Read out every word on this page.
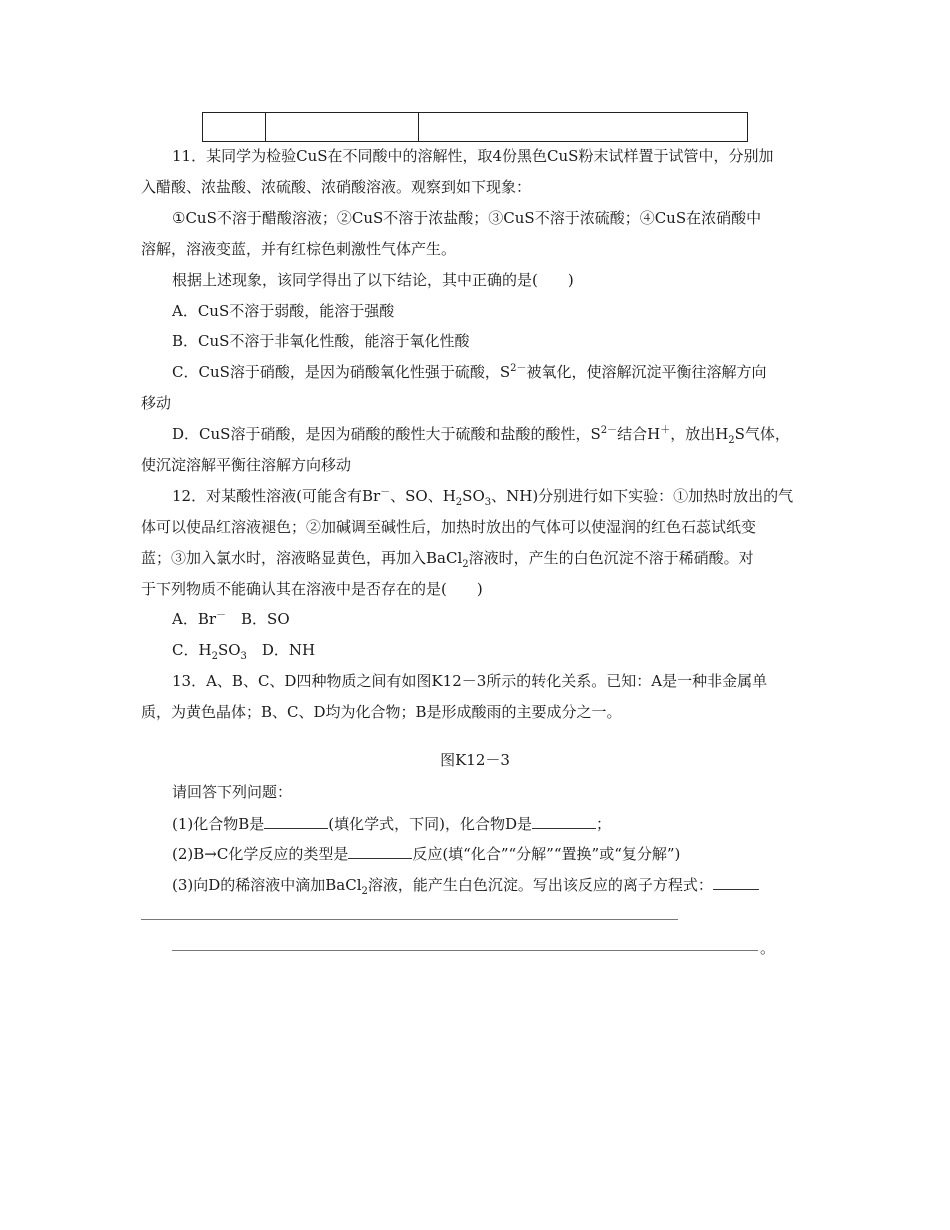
11．某同学为检验CuS在不同酸中的溶解性，取4份黑色CuS粉末试样置于试管中，分别加
入醋酸、浓盐酸、浓硫酸、浓硝酸溶液。观察到如下现象：
①CuS不溶于醋酸溶液；②CuS不溶于浓盐酸；③CuS不溶于浓硫酸；④CuS在浓硝酸中
溶解，溶液变蓝，并有红棕色刺激性气体产生。
根据上述现象，该同学得出了以下结论，其中正确的是(　　)
A．CuS不溶于弱酸，能溶于强酸
B．CuS不溶于非氧化性酸，能溶于氧化性酸
C．CuS溶于硝酸，是因为硝酸氧化性强于硫酸，$S^{2-}$被氧化，使溶解沉淀平衡往溶解方向
移动
D．CuS溶于硝酸，是因为硝酸的酸性大于硫酸和盐酸的酸性，$S^{2-}$结合H＋，放出$H_2S$气体，
使沉淀溶解平衡往溶解方向移动
12．对某酸性溶液(可能含有Br－、SO、$H_2SO_3$、NH)分别进行如下实验：①加热时放出的气
体可以使品红溶液褪色；②加碱调至碱性后，加热时放出的气体可以使湿润的红色石蕊试纸变
蓝；③加入氯水时，溶液略显黄色，再加入BaCl$_2$溶液时，产生的白色沉淀不溶于稀硝酸。对
于下列物质不能确认其在溶液中是否存在的是(　　)
A．Br－　B．SO
C．$H_2SO_3$　D．NH
13．A、B、C、D四种物质之间有如图K12－3所示的转化关系。已知：A是一种非金属单
质，为黄色晶体；B、C、D均为化合物；B是形成酸雨的主要成分之一。
图K12－3
请回答下列问题：
(1)化合物B是	(填化学式，下同)，化合物D是	；
(2)B→C化学反应的类型是	反应(填“化合”“分解”“置换”或“复分解”)
(3)向D的稀溶液中滴加BaCl$_2$溶液，能产生白色沉淀。写出该反应的离子方程式：
。
